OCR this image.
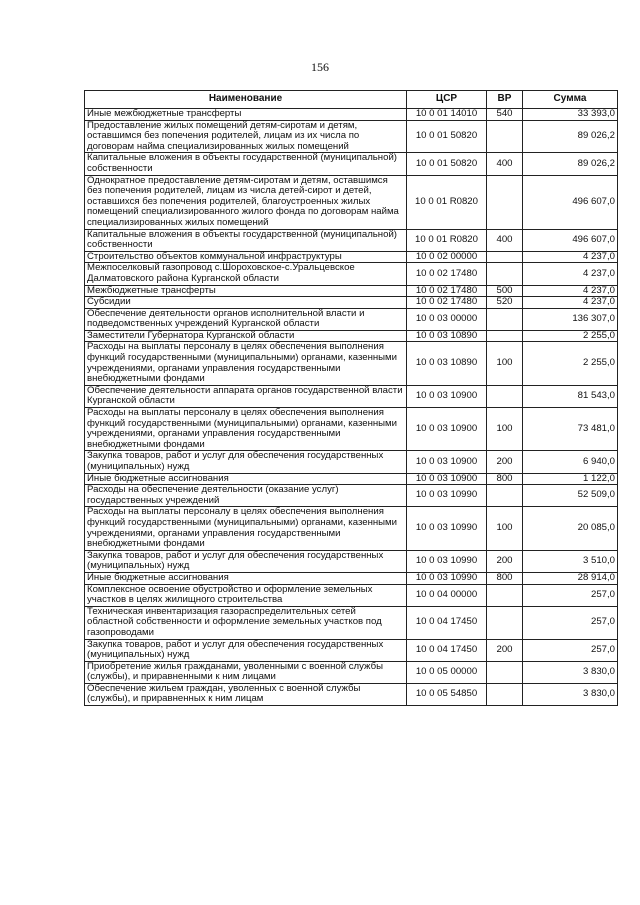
156
Наименование	ЦСР	ВР	Сумма
Иные межбюджетные трансферты	10 0 01 14010	540	33 393,0
Предоставление жилых помещений детям-сиротам и детям, оставшимся без попечения родителей, лицам из их числа по договорам найма специализированных жилых помещений	10 0 01 50820		89 026,2
Капитальные вложения в объекты государственной (муниципальной) собственности	10 0 01 50820	400	89 026,2
Однократное предоставление детям-сиротам и детям, оставшимся без попечения родителей, лицам из числа детей-сирот и детей, оставшихся без попечения родителей, благоустроенных жилых помещений специализированного жилого фонда по договорам найма специализированных жилых помещений	10 0 01 R0820		496 607,0
Капитальные вложения в объекты государственной (муниципальной) собственности	10 0 01 R0820	400	496 607,0
Строительство объектов коммунальной инфраструктуры	10 0 02 00000		4 237,0
Межпоселковый газопровод с.Шороховское-с.Уральцевское Далматовского района Курганской области	10 0 02 17480		4 237,0
Межбюджетные трансферты	10 0 02 17480	500	4 237,0
Субсидии	10 0 02 17480	520	4 237,0
Обеспечение деятельности органов исполнительной власти и подведомственных учреждений Курганской области	10 0 03 00000		136 307,0
Заместители Губернатора Курганской области	10 0 03 10890		2 255,0
Расходы на выплаты персоналу в целях обеспечения выполнения функций государственными (муниципальными) органами, казенными учреждениями, органами управления государственными внебюджетными фондами	10 0 03 10890	100	2 255,0
Обеспечение деятельности аппарата органов государственной власти Курганской области	10 0 03 10900		81 543,0
Расходы на выплаты персоналу в целях обеспечения выполнения функций государственными (муниципальными) органами, казенными учреждениями, органами управления государственными внебюджетными фондами	10 0 03 10900	100	73 481,0
Закупка товаров, работ и услуг для обеспечения государственных (муниципальных) нужд	10 0 03 10900	200	6 940,0
Иные бюджетные ассигнования	10 0 03 10900	800	1 122,0
Расходы на обеспечение деятельности (оказание услуг) государственных учреждений	10 0 03 10990		52 509,0
Расходы на выплаты персоналу в целях обеспечения выполнения функций государственными (муниципальными) органами, казенными учреждениями, органами управления государственными внебюджетными фондами	10 0 03 10990	100	20 085,0
Закупка товаров, работ и услуг для обеспечения государственных (муниципальных) нужд	10 0 03 10990	200	3 510,0
Иные бюджетные ассигнования	10 0 03 10990	800	28 914,0
Комплексное освоение обустройство и оформление земельных участков в целях жилищного строительства	10 0 04 00000		257,0
Техническая инвентаризация газораспределительных сетей областной собственности и оформление земельных участков под газопроводами	10 0 04 17450		257,0
Закупка товаров, работ и услуг для обеспечения государственных (муниципальных) нужд	10 0 04 17450	200	257,0
Приобретение жилья гражданами, уволенными с военной службы (службы), и приравненными к ним лицами	10 0 05 00000		3 830,0
Обеспечение жильем граждан, уволенных с военной службы (службы), и приравненных к ним лицам	10 0 05 54850		3 830,0
